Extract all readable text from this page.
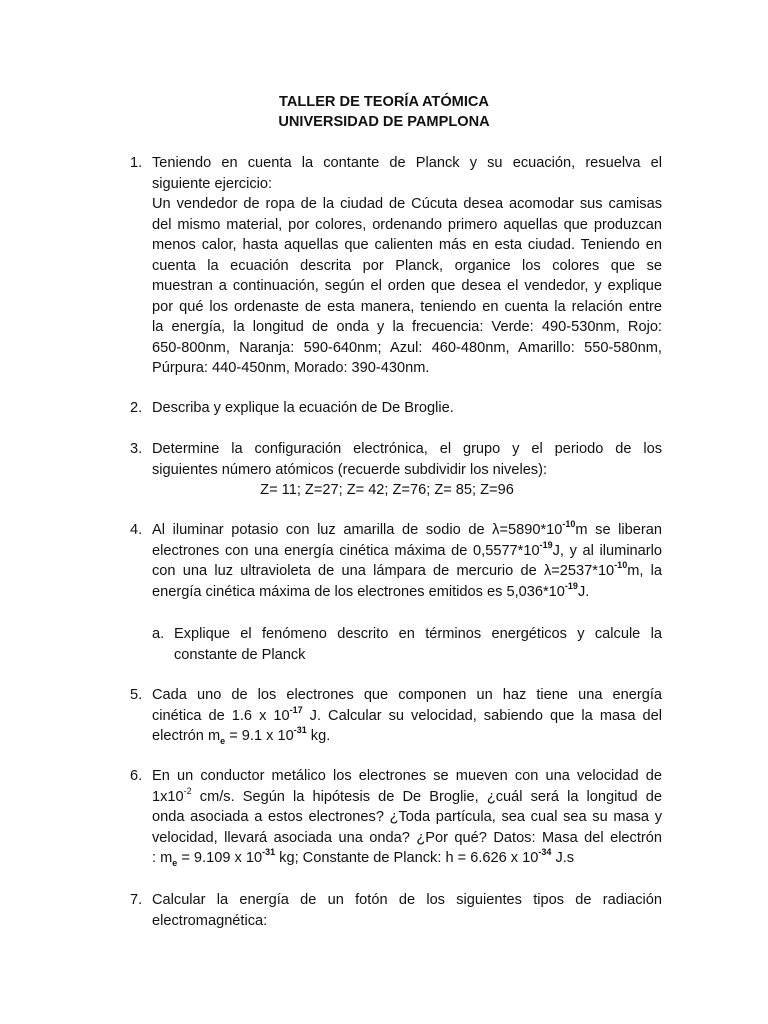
TALLER DE TEORÍA ATÓMICA
UNIVERSIDAD DE PAMPLONA
1. Teniendo en cuenta la contante de Planck y su ecuación, resuelva el
siguiente ejercicio:
Un vendedor de ropa de la ciudad de Cúcuta desea acomodar sus camisas
del mismo material, por colores, ordenando primero aquellas que produzcan
menos calor, hasta aquellas que calienten más en esta ciudad. Teniendo en
cuenta la ecuación descrita por Planck, organice los colores que se
muestran a continuación, según el orden que desea el vendedor, y explique
por qué los ordenaste de esta manera, teniendo en cuenta la relación entre
la energía, la longitud de onda y la frecuencia: Verde: 490-530nm, Rojo:
650-800nm, Naranja: 590-640nm; Azul: 460-480nm, Amarillo: 550-580nm,
Púrpura: 440-450nm, Morado: 390-430nm.
2. Describa y explique la ecuación de De Broglie.
3. Determine la configuración electrónica, el grupo y el periodo de los
siguientes número atómicos (recuerde subdividir los niveles):
Z= 11; Z=27; Z= 42; Z=76; Z= 85; Z=96
4. Al iluminar potasio con luz amarilla de sodio de $\lambda=5890*10^{-10}m$ se liberan
electrones con una energía cinética máxima de $0,5577*10^{-19}J$, y al iluminarlo
con una luz ultravioleta de una lámpara de mercurio de $\lambda=2537*10^{-10}m$, la
energía cinética máxima de los electrones emitidos es $5,036*10^{-19}J$.
a. Explique el fenómeno descrito en términos energéticos y calcule la
constante de Planck
5. Cada uno de los electrones que componen un haz tiene una energía
cinética de 1.6 x $10^{-17}$ J. Calcular su velocidad, sabiendo que la masa del
electrón $m_e = 9.1$ x $10^{-31}$ kg.
6. En un conductor metálico los electrones se mueven con una velocidad de
$1x10^{-2}$ cm/s. Según la hipótesis de De Broglie, ¿cuál será la longitud de
onda asociada a estos electrones? ¿Toda partícula, sea cual sea su masa y
velocidad, llevará asociada una onda? ¿Por qué? Datos: Masa del electrón
: $m_e = 9.109$ x $10^{-31}$ kg; Constante de Planck: h = 6.626 x $10^{-34}$ J.s
7. Calcular la energía de un fotón de los siguientes tipos de radiación
electromagnética:
